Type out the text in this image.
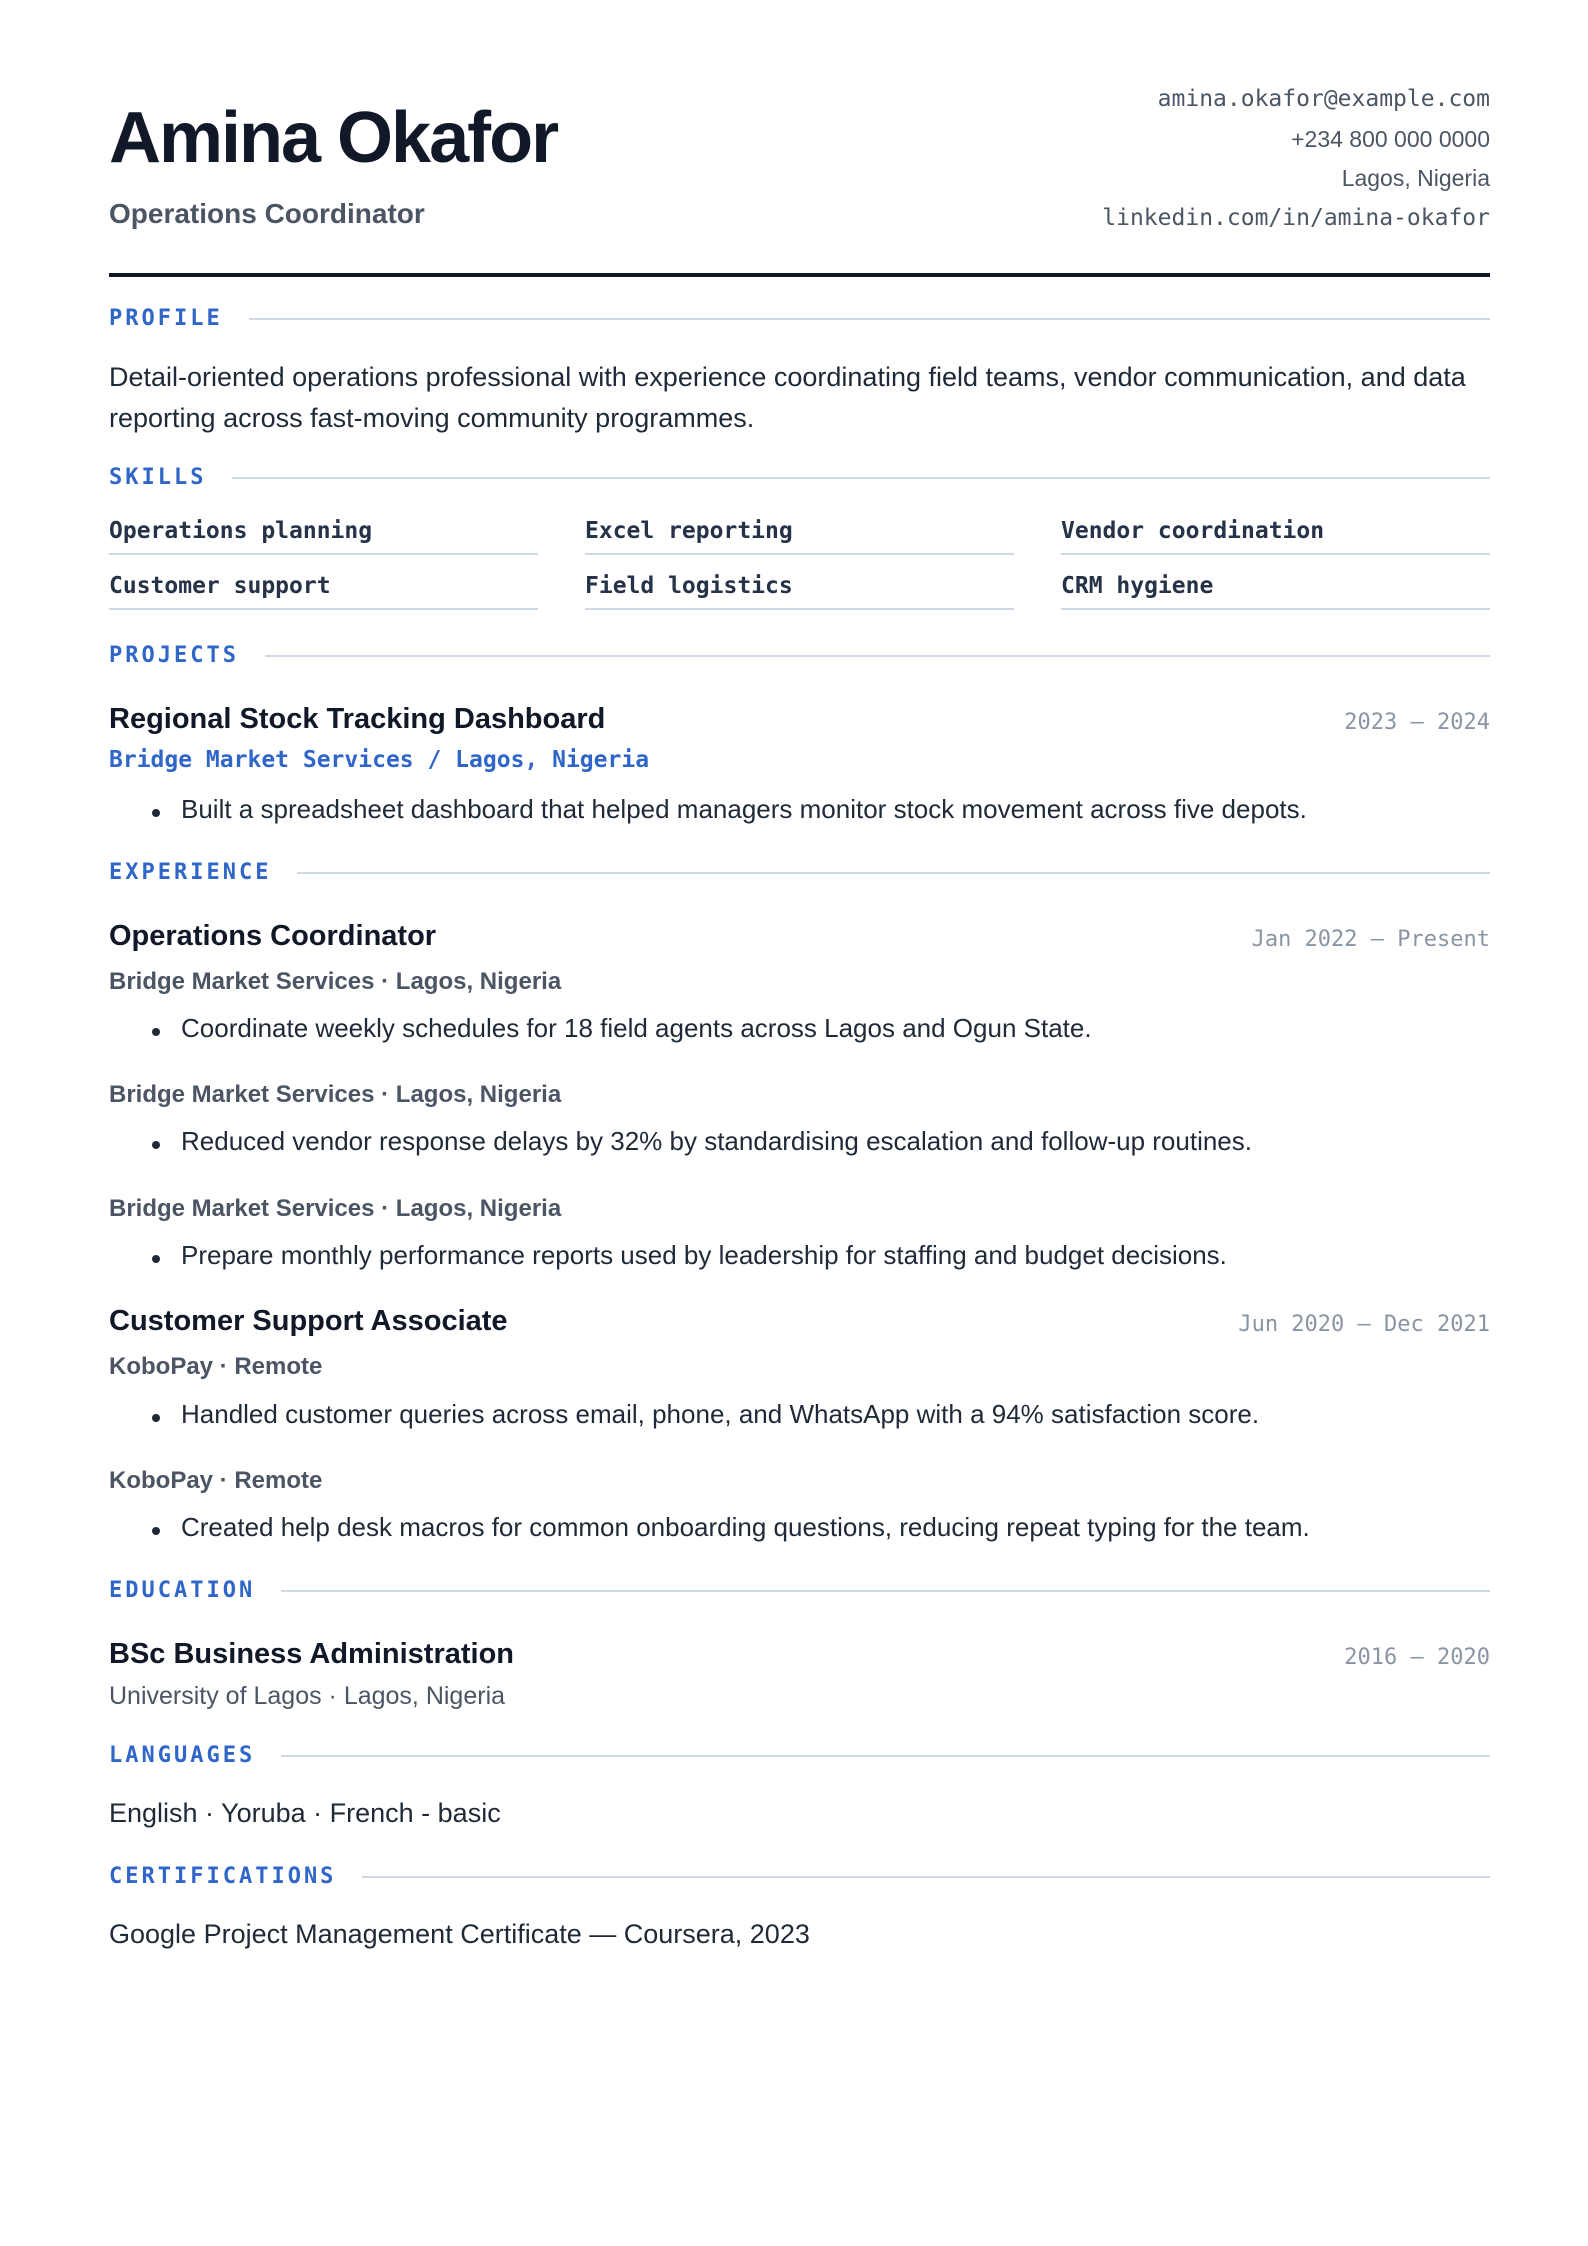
Amina Okafor
Operations Coordinator
amina.okafor@example.com
+234 800 000 0000
Lagos, Nigeria
linkedin.com/in/amina-okafor
PROFILE
Detail-oriented operations professional with experience coordinating field teams, vendor communication, and data reporting across fast-moving community programmes.
SKILLS
Operations planning	Excel reporting	Vendor coordination
Customer support	Field logistics	CRM hygiene
PROJECTS
Regional Stock Tracking Dashboard	2023 – 2024
Bridge Market Services / Lagos, Nigeria
Built a spreadsheet dashboard that helped managers monitor stock movement across five depots.
EXPERIENCE
Operations Coordinator	Jan 2022 – Present
Bridge Market Services · Lagos, Nigeria
Coordinate weekly schedules for 18 field agents across Lagos and Ogun State.
Bridge Market Services · Lagos, Nigeria
Reduced vendor response delays by 32% by standardising escalation and follow-up routines.
Bridge Market Services · Lagos, Nigeria
Prepare monthly performance reports used by leadership for staffing and budget decisions.
Customer Support Associate	Jun 2020 – Dec 2021
KoboPay · Remote
Handled customer queries across email, phone, and WhatsApp with a 94% satisfaction score.
KoboPay · Remote
Created help desk macros for common onboarding questions, reducing repeat typing for the team.
EDUCATION
BSc Business Administration	2016 – 2020
University of Lagos · Lagos, Nigeria
LANGUAGES
English · Yoruba · French - basic
CERTIFICATIONS
Google Project Management Certificate — Coursera, 2023
